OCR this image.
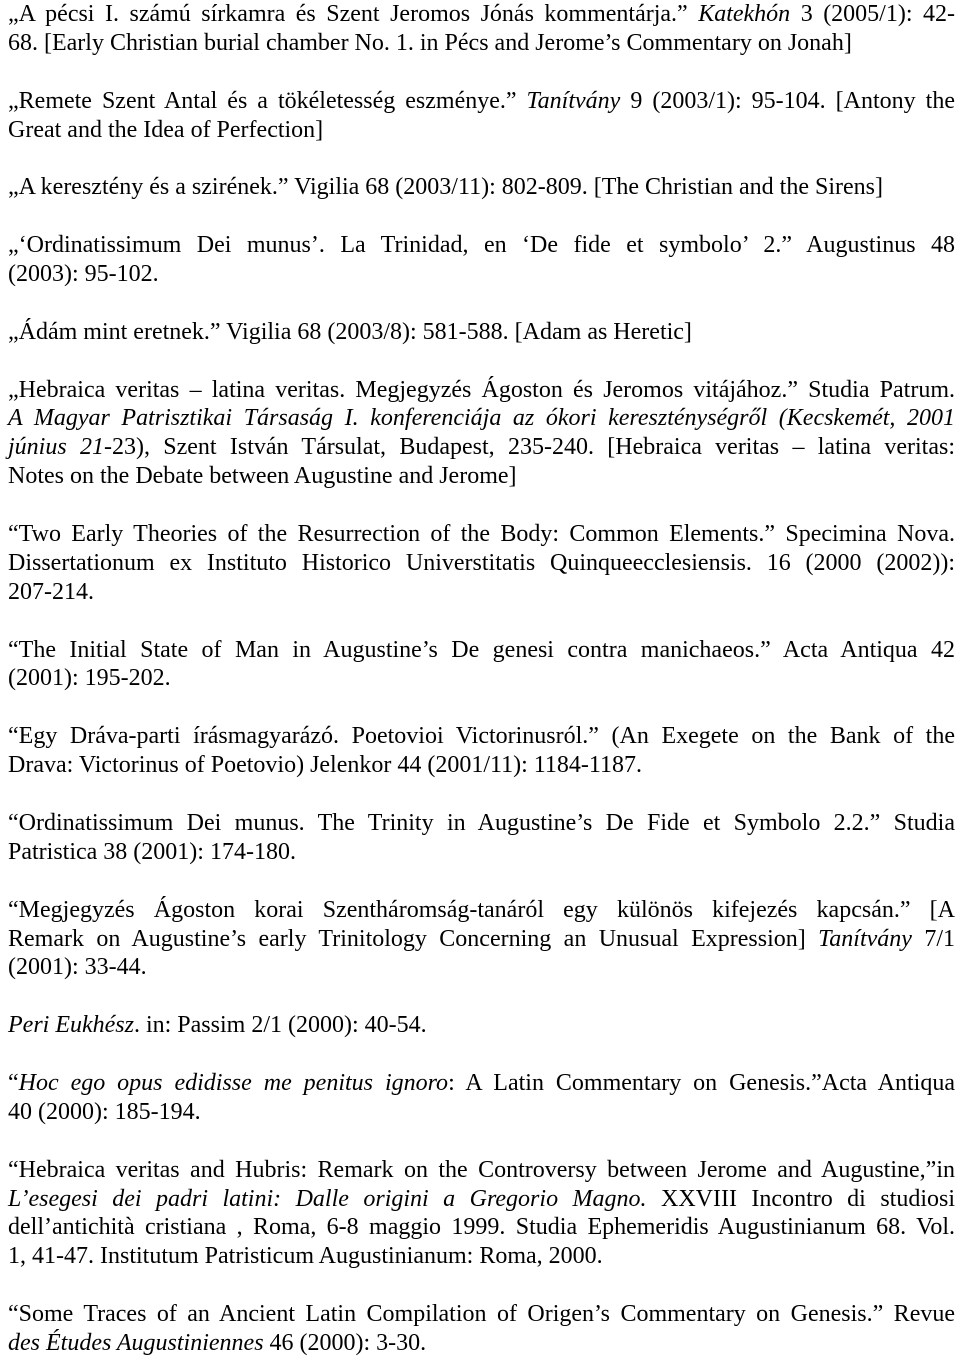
„A pécsi I. számú sírkamra és Szent Jeromos Jónás kommentárja.” Katekhón 3 (2005/1): 42-
68. [Early Christian burial chamber No. 1. in Pécs and Jerome’s Commentary on Jonah]
„Remete Szent Antal és a tökéletesség eszménye.” Tanítvány 9 (2003/1): 95-104. [Antony the
Great and the Idea of Perfection]
„A keresztény és a szirének.” Vigilia 68 (2003/11): 802-809. [The Christian and the Sirens]
„‘Ordinatissimum Dei munus’. La Trinidad, en ‘De fide et symbolo’ 2.” Augustinus 48
(2003): 95-102.
„Ádám mint eretnek.” Vigilia 68 (2003/8): 581-588. [Adam as Heretic]
„Hebraica veritas – latina veritas. Megjegyzés Ágoston és Jeromos vitájához.” Studia Patrum.
A Magyar Patrisztikai Társaság I. konferenciája az ókori kereszténységről (Kecskemét, 2001
június 21-23), Szent István Társulat, Budapest, 235-240. [Hebraica veritas – latina veritas:
Notes on the Debate between Augustine and Jerome]
“Two Early Theories of the Resurrection of the Body: Common Elements.” Specimina Nova.
Dissertationum ex Instituto Historico Universtitatis Quinqueecclesiensis. 16 (2000 (2002)):
207-214.
“The Initial State of Man in Augustine’s De genesi contra manichaeos.” Acta Antiqua 42
(2001): 195-202.
“Egy Dráva-parti írásmagyarázó. Poetovioi Victorinusról.” (An Exegete on the Bank of the
Drava: Victorinus of Poetovio) Jelenkor 44 (2001/11): 1184-1187.
“Ordinatissimum Dei munus. The Trinity in Augustine’s De Fide et Symbolo 2.2.” Studia
Patristica 38 (2001): 174-180.
“Megjegyzés Ágoston korai Szentháromság-tanáról egy különös kifejezés kapcsán.” [A
Remark on Augustine’s early Trinitology Concerning an Unusual Expression] Tanítvány 7/1
(2001): 33-44.
Peri Eukhész. in: Passim 2/1 (2000): 40-54.
“Hoc ego opus edidisse me penitus ignoro: A Latin Commentary on Genesis.”Acta Antiqua
40 (2000): 185-194.
“Hebraica veritas and Hubris: Remark on the Controversy between Jerome and Augustine,”in
L’esegesi dei padri latini: Dalle origini a Gregorio Magno. XXVIII Incontro di studiosi
dell’antichità cristiana , Roma, 6-8 maggio 1999. Studia Ephemeridis Augustinianum 68. Vol.
1, 41-47. Institutum Patristicum Augustinianum: Roma, 2000.
“Some Traces of an Ancient Latin Compilation of Origen’s Commentary on Genesis.” Revue
des Études Augustiniennes 46 (2000): 3-30.
